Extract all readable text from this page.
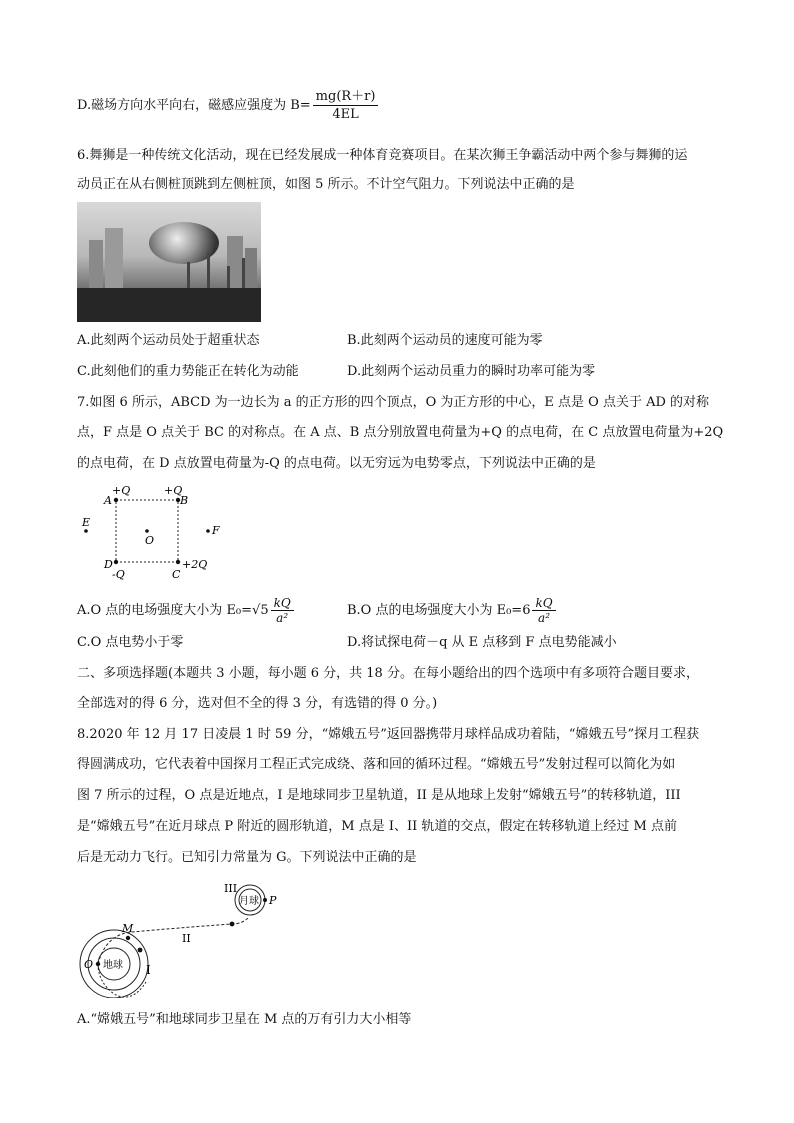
D.磁场方向水平向右，磁感应强度为 $B= \frac{mg(R+r)}{4EL}$
6.舞狮是一种传统文化活动，现在已经发展成一种体育竞赛项目。在某次狮王争霸活动中两个参与舞狮的运
动员正在从右侧桩顶跳到左侧桩顶，如图 5 所示。不计空气阻力。下列说法中正确的是
A.此刻两个运动员处于超重状态	B.此刻两个运动员的速度可能为零
C.此刻他们的重力势能正在转化为动能	D.此刻两个运动员重力的瞬时功率可能为零
7.如图 6 所示，ABCD 为一边长为 a 的正方形的四个顶点，O 为正方形的中心，E 点是 O 点关于 AD 的对称
点，F 点是 O 点关于 BC 的对称点。在 A 点、B 点分别放置电荷量为+Q 的点电荷，在 C 点放置电荷量为+2Q
的点电荷，在 D 点放置电荷量为-Q 的点电荷。以无穷远为电势零点，下列说法中正确的是
A	B
+Q	+Q
D
-Q	C
+2Q
O
E
F
A.O 点的电场强度大小为 $E_0=√5 \frac{kQ}{\text{a²}}$	B.O 点的电场强度大小为 $E_0=6 \frac{kQ}{\text{a²}}$
C.O 点电势小于零	D.将试探电荷－q 从 E 点移到 F 点电势能减小
二、多项选择题(本题共 3 小题，每小题 6 分，共 18 分。在每小题给出的四个选项中有多项符合题目要求，
全部选对的得 6 分，选对但不全的得 3 分，有选错的得 0 分。)
8.2020 年 12 月 17 日凌晨 1 时 59 分，“嫦娥五号”返回器携带月球样品成功着陆，“嫦娥五号”探月工程获
得圆满成功，它代表着中国探月工程正式完成绕、落和回的循环过程。“嫦娥五号”发射过程可以简化为如
图 7 所示的过程，O 点是近地点，I 是地球同步卫星轨道，II 是从地球上发射“嫦娥五号”的转移轨道，III
是“嫦娥五号”在近月球点 P 附近的圆形轨道，M 点是 I、II 轨道的交点，假定在转移轨道上经过 M 点前
后是无动力飞行。已知引力常量为 G。下列说法中正确的是
地球
月球
O
M
P
I
II
III
A.“嫦娥五号”和地球同步卫星在 M 点的万有引力大小相等
